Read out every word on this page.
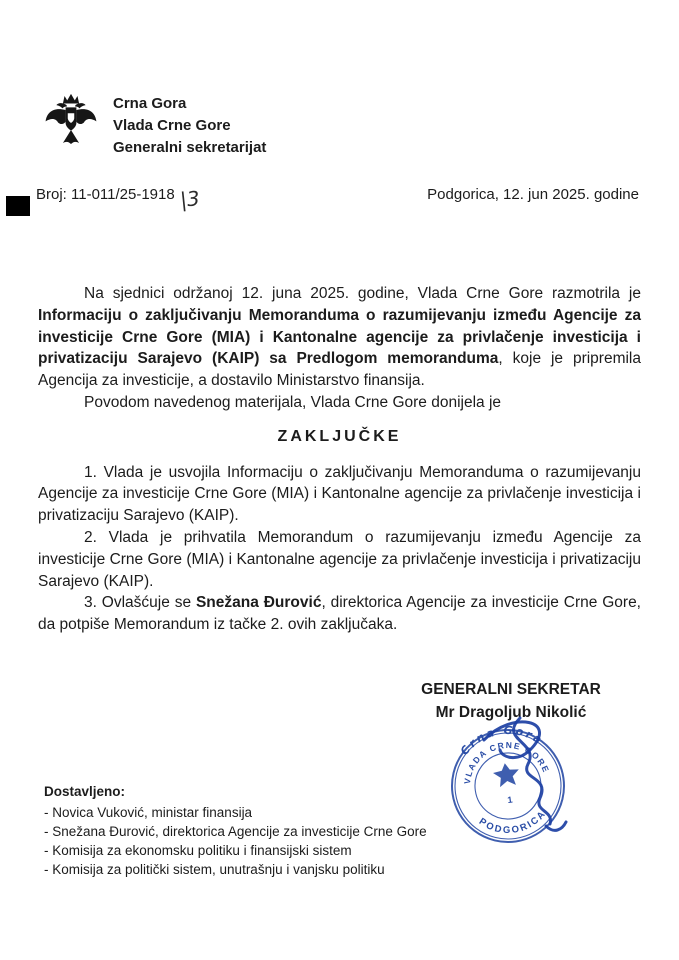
Crna Gora
Vlada Crne Gore
Generalni sekretarijat
Broj: 11-011/25-1918 |3	Podgorica, 12. jun 2025. godine

Na sjednici održanoj 12. juna 2025. godine, Vlada Crne Gore razmotrila je Informaciju o zaključivanju Memoranduma o razumijevanju između Agencije za investicije Crne Gore (MIA) i Kantonalne agencije za privlačenje investicija i privatizaciju Sarajevo (KAIP) sa Predlogom memoranduma, koje je pripremila Agencija za investicije, a dostavilo Ministarstvo finansija.

Povodom navedenog materijala, Vlada Crne Gore donijela je

ZAKLJUČKE

1. Vlada je usvojila Informaciju o zaključivanju Memoranduma o razumijevanju Agencije za investicije Crne Gore (MIA) i Kantonalne agencije za privlačenje investicija i privatizaciju Sarajevo (KAIP).

2. Vlada je prihvatila Memorandum o razumijevanju između Agencije za investicije Crne Gore (MIA) i Kantonalne agencije za privlačenje investicija i privatizaciju Sarajevo (KAIP).

3. Ovlašćuje se Snežana Đurović, direktorica Agencije za investicije Crne Gore, da potpiše Memorandum iz tačke 2. ovih zaključaka.

GENERALNI SEKRETAR
Mr Dragoljub Nikolić
Crna Gora
VLADA CRNE GORE
PODGORICA
1
Dostavljeno:
- Novica Vuković, ministar finansija
- Snežana Đurović, direktorica Agencije za investicije Crne Gore
- Komisija za ekonomsku politiku i finansijski sistem
- Komisija za politički sistem, unutrašnju i vanjsku politiku
